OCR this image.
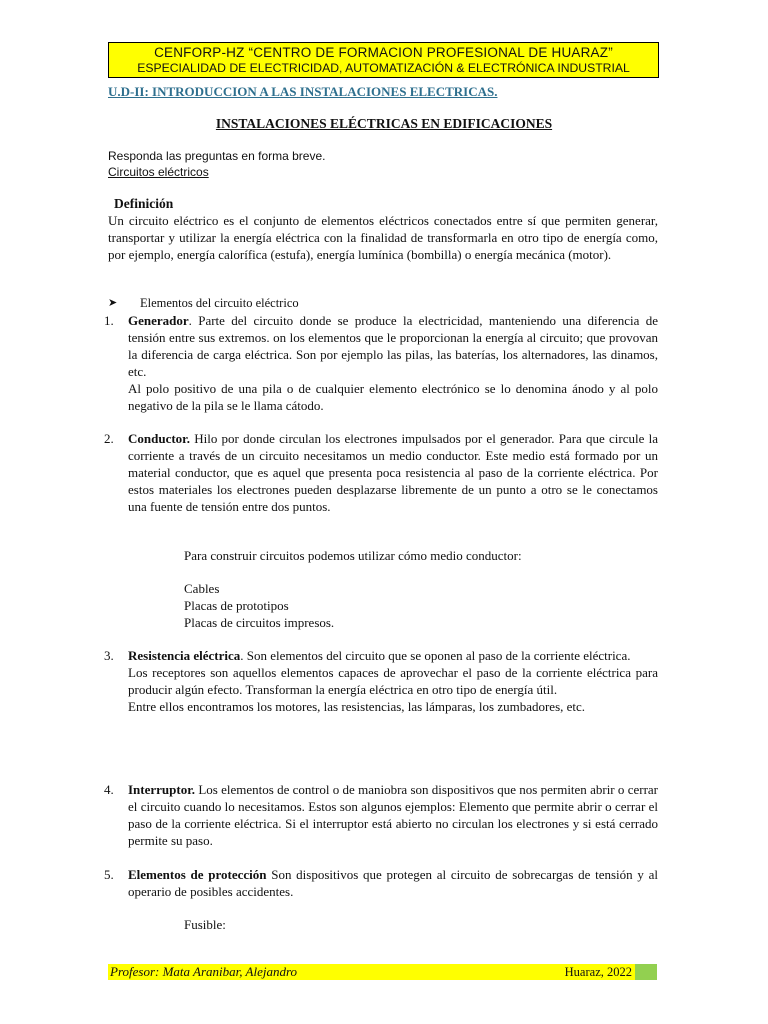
CENFORP-HZ “CENTRO DE FORMACION PROFESIONAL DE HUARAZ”
ESPECIALIDAD DE ELECTRICIDAD, AUTOMATIZACIÓN & ELECTRÓNICA INDUSTRIAL
U.D-II: INTRODUCCION A LAS INSTALACIONES ELECTRICAS.
INSTALACIONES ELÉCTRICAS EN EDIFICACIONES
Responda las preguntas en forma breve.
Circuitos eléctricos
Definición
Un circuito eléctrico es el conjunto de elementos eléctricos conectados entre sí que permiten generar, transportar y utilizar la energía eléctrica con la finalidad de transformarla en otro tipo de energía como, por ejemplo, energía calorífica (estufa), energía lumínica (bombilla) o energía mecánica (motor).
➤	Elementos del circuito eléctrico
1.	Generador. Parte del circuito donde se produce la electricidad, manteniendo una diferencia de tensión entre sus extremos. on los elementos que le proporcionan la energía al circuito; que provovan la diferencia de carga eléctrica. Son por ejemplo las pilas, las baterías, los alternadores, las dinamos, etc.

Al polo positivo de una pila o de cualquier elemento electrónico se lo denomina ánodo y al polo negativo de la pila se le llama cátodo.

2.	Conductor. Hilo por donde circulan los electrones impulsados por el generador. Para que circule la corriente a través de un circuito necesitamos un medio conductor. Este medio está formado por un material conductor, que es aquel que presenta poca resistencia al paso de la corriente eléctrica. Por estos materiales los electrones pueden desplazarse libremente de un punto a otro se le conectamos una fuente de tensión entre dos puntos.

Para construir circuitos podemos utilizar cómo medio conductor:
Cables
Placas de prototipos
Placas de circuitos impresos.
3.	Resistencia eléctrica. Son elementos del circuito que se oponen al paso de la corriente eléctrica.

Los receptores son aquellos elementos capaces de aprovechar el paso de la corriente eléctrica para producir algún efecto. Transforman la energía eléctrica en otro tipo de energía útil.

Entre ellos encontramos los motores, las resistencias, las lámparas, los zumbadores, etc.

4.	Interruptor. Los elementos de control o de maniobra son dispositivos que nos permiten abrir o cerrar el circuito cuando lo necesitamos. Estos son algunos ejemplos: Elemento que permite abrir o cerrar el paso de la corriente eléctrica. Si el interruptor está abierto no circulan los electrones y si está cerrado permite su paso.

5.	Elementos de protección Son dispositivos que protegen al circuito de sobrecargas de tensión y al operario de posibles accidentes.

Fusible:
Profesor: Mata Aranibar, Alejandro	Huaraz, 2022
